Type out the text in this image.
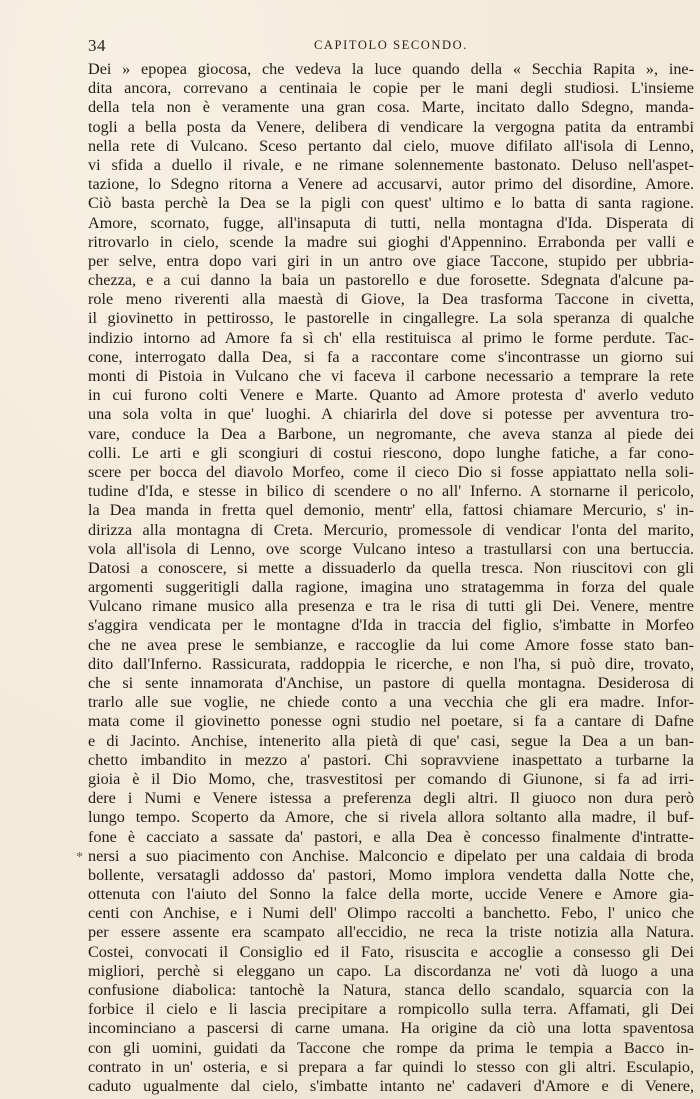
34	CAPITOLO SECONDO.
*
Dei » epopea giocosa, che vedeva la luce quando della « Secchia Rapita », ine-
dita ancora, correvano a centinaia le copie per le mani degli studiosi. L'insieme
della tela non è veramente una gran cosa. Marte, incitato dallo Sdegno, manda-
togli a bella posta da Venere, delibera di vendicare la vergogna patita da entrambi
nella rete di Vulcano. Sceso pertanto dal cielo, muove difilato all'isola di Lenno,
vi sfida a duello il rivale, e ne rimane solennemente bastonato. Deluso nell'aspet-
tazione, lo Sdegno ritorna a Venere ad accusarvi, autor primo del disordine, Amore.
Ciò basta perchè la Dea se la pigli con quest' ultimo e lo batta di santa ragione.
Amore, scornato, fugge, all'insaputa di tutti, nella montagna d'Ida. Disperata di
ritrovarlo in cielo, scende la madre sui gioghi d'Appennino. Errabonda per valli e
per selve, entra dopo vari giri in un antro ove giace Taccone, stupido per ubbria-
chezza, e a cui danno la baia un pastorello e due forosette. Sdegnata d'alcune pa-
role meno riverenti alla maestà di Giove, la Dea trasforma Taccone in civetta,
il giovinetto in pettirosso, le pastorelle in cingallegre. La sola speranza di qualche
indizio intorno ad Amore fa sì ch' ella restituisca al primo le forme perdute. Tac-
cone, interrogato dalla Dea, si fa a raccontare come s'incontrasse un giorno sui
monti di Pistoia in Vulcano che vi faceva il carbone necessario a temprare la rete
in cui furono colti Venere e Marte. Quanto ad Amore protesta d' averlo veduto
una sola volta in que' luoghi. A chiarirla del dove si potesse per avventura tro-
vare, conduce la Dea a Barbone, un negromante, che aveva stanza al piede dei
colli. Le arti e gli scongiuri di costui riescono, dopo lunghe fatiche, a far cono-
scere per bocca del diavolo Morfeo, come il cieco Dio si fosse appiattato nella soli-
tudine d'Ida, e stesse in bilico di scendere o no all' Inferno. A stornarne il pericolo,
la Dea manda in fretta quel demonio, mentr' ella, fattosi chiamare Mercurio, s' in-
dirizza alla montagna di Creta. Mercurio, promessole di vendicar l'onta del marito,
vola all'isola di Lenno, ove scorge Vulcano inteso a trastullarsi con una bertuccia.
Datosi a conoscere, si mette a dissuaderlo da quella tresca. Non riuscitovi con gli
argomenti suggeritigli dalla ragione, imagina uno stratagemma in forza del quale
Vulcano rimane musico alla presenza e tra le risa di tutti gli Dei. Venere, mentre
s'aggira vendicata per le montagne d'Ida in traccia del figlio, s'imbatte in Morfeo
che ne avea prese le sembianze, e raccoglie da lui come Amore fosse stato ban-
dito dall'Inferno. Rassicurata, raddoppia le ricerche, e non l'ha, si può dire, trovato,
che si sente innamorata d'Anchise, un pastore di quella montagna. Desiderosa di
trarlo alle sue voglie, ne chiede conto a una vecchia che gli era madre. Infor-
mata come il giovinetto ponesse ogni studio nel poetare, si fa a cantare di Dafne
e di Jacinto. Anchise, intenerito alla pietà di que' casi, segue la Dea a un ban-
chetto imbandito in mezzo a' pastori. Chi sopravviene inaspettato a turbarne la
gioia è il Dio Momo, che, trasvestitosi per comando di Giunone, si fa ad irri-
dere i Numi e Venere istessa a preferenza degli altri. Il giuoco non dura però
lungo tempo. Scoperto da Amore, che si rivela allora soltanto alla madre, il buf-
fone è cacciato a sassate da' pastori, e alla Dea è concesso finalmente d'intratte-
nersi a suo piacimento con Anchise. Malconcio e dipelato per una caldaia di broda
bollente, versatagli addosso da' pastori, Momo implora vendetta dalla Notte che,
ottenuta con l'aiuto del Sonno la falce della morte, uccide Venere e Amore gia-
centi con Anchise, e i Numi dell' Olimpo raccolti a banchetto. Febo, l' unico che
per essere assente era scampato all'eccidio, ne reca la triste notizia alla Natura.
Costei, convocati il Consiglio ed il Fato, risuscita e accoglie a consesso gli Dei
migliori, perchè si eleggano un capo. La discordanza ne' voti dà luogo a una
confusione diabolica: tantochè la Natura, stanca dello scandalo, squarcia con la
forbice il cielo e li lascia precipitare a rompicollo sulla terra. Affamati, gli Dei
incominciano a pascersi di carne umana. Ha origine da ciò una lotta spaventosa
con gli uomini, guidati da Taccone che rompe da prima le tempia a Bacco in-
contrato in un' osteria, e si prepara a far quindi lo stesso con gli altri. Esculapio,
caduto ugualmente dal cielo, s'imbatte intanto ne' cadaveri d'Amore e di Venere,
